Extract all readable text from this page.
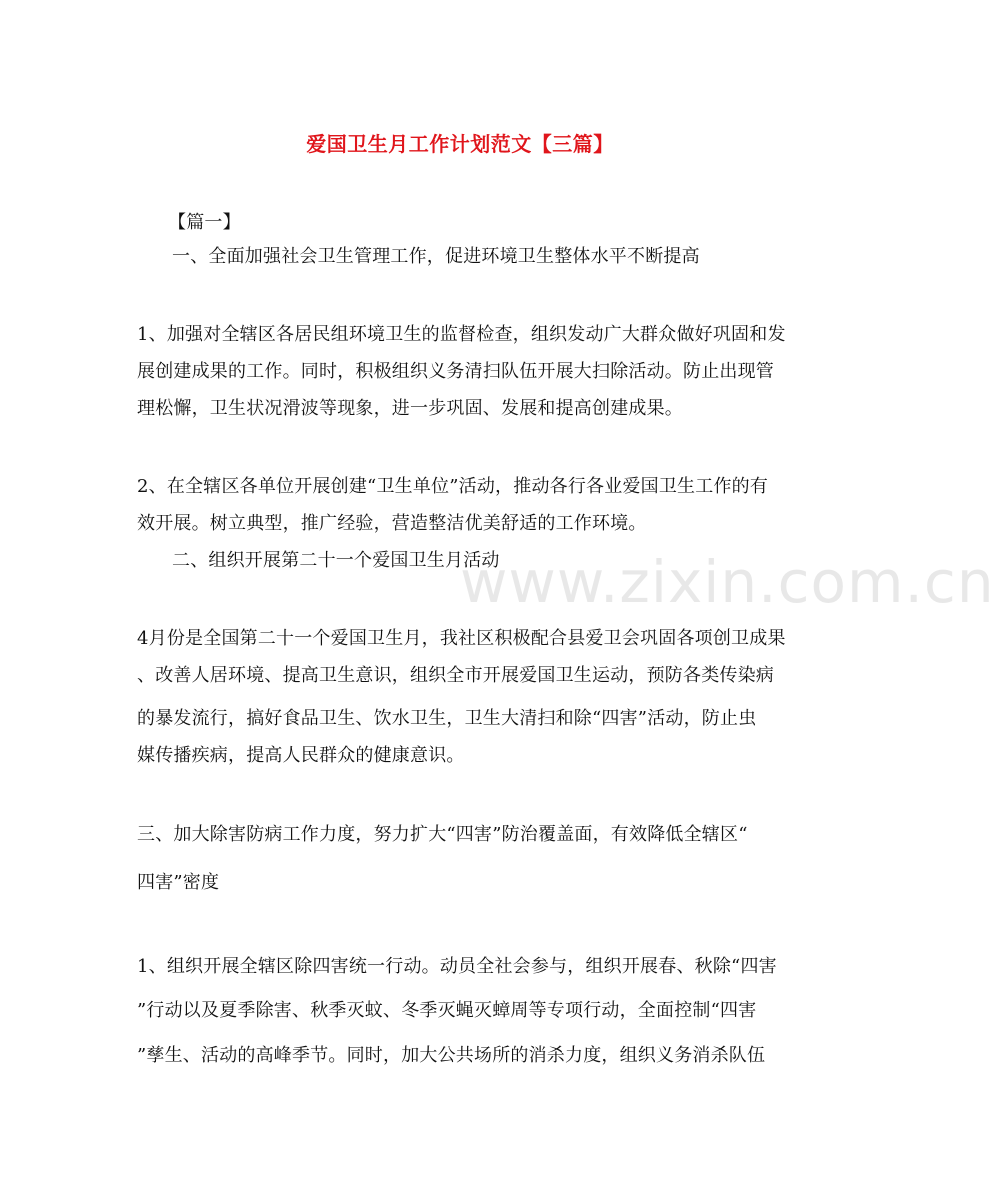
爱国卫生月工作计划范文【三篇】
【篇一】
一、全面加强社会卫生管理工作，促进环境卫生整体水平不断提高
1、加强对全辖区各居民组环境卫生的监督检查，组织发动广大群众做好巩固和发
展创建成果的工作。同时，积极组织义务清扫队伍开展大扫除活动。防止出现管
理松懈，卫生状况滑波等现象，进一步巩固、发展和提高创建成果。
2、在全辖区各单位开展创建“卫生单位”活动，推动各行各业爱国卫生工作的有
效开展。树立典型，推广经验，营造整洁优美舒适的工作环境。
二、组织开展第二十一个爱国卫生月活动
4月份是全国第二十一个爱国卫生月，我社区积极配合县爱卫会巩固各项创卫成果
、改善人居环境、提高卫生意识，组织全市开展爱国卫生运动，预防各类传染病
的暴发流行，搞好食品卫生、饮水卫生，卫生大清扫和除“四害”活动，防止虫
媒传播疾病，提高人民群众的健康意识。
三、加大除害防病工作力度，努力扩大“四害”防治覆盖面，有效降低全辖区“
四害”密度
1、组织开展全辖区除四害统一行动。动员全社会参与，组织开展春、秋除“四害
”行动以及夏季除害、秋季灭蚊、冬季灭蝇灭蟑周等专项行动，全面控制“四害
”孳生、活动的高峰季节。同时，加大公共场所的消杀力度，组织义务消杀队伍
www.zixin.com.cn
